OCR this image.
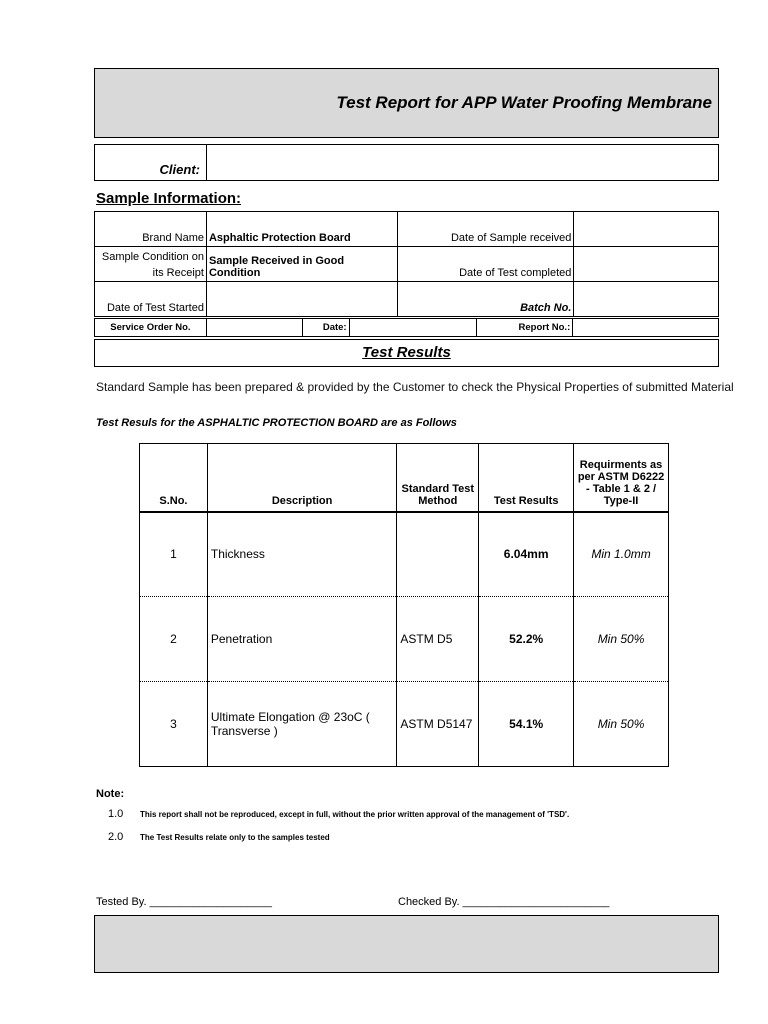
Test Report for APP Water Proofing Membrane
Client:
Sample Information:
Brand Name	Asphaltic Protection Board	Date of Sample received	

Sample Condition on
its Receipt	Sample Received in Good Condition	Date of Test completed	
Date of Test Started		Batch No.	
Service Order No.		Date:		Report No.:	
Test Results
Standard Sample has been prepared & provided by the Customer to check the Physical Properties of submitted Material
Test Resuls for the ASPHALTIC PROTECTION BOARD are as Follows
S.No.	Description	Standard Test Method	Test Results	Requirments as per ASTM D6222 - Table 1 & 2 / Type-II
1	Thickness		6.04mm	Min 1.0mm
2	Penetration	ASTM D5	52.2%	Min 50%
3	Ultimate Elongation @ 23oC ( Transverse )	ASTM D5147	54.1%	Min 50%
Note:
1.0 This report shall not be reproduced, except in full, without the prior written approval of the management of 'TSD'.
2.0 The Test Results relate only to the samples tested
Tested By. ____________________	Checked By. ________________________
